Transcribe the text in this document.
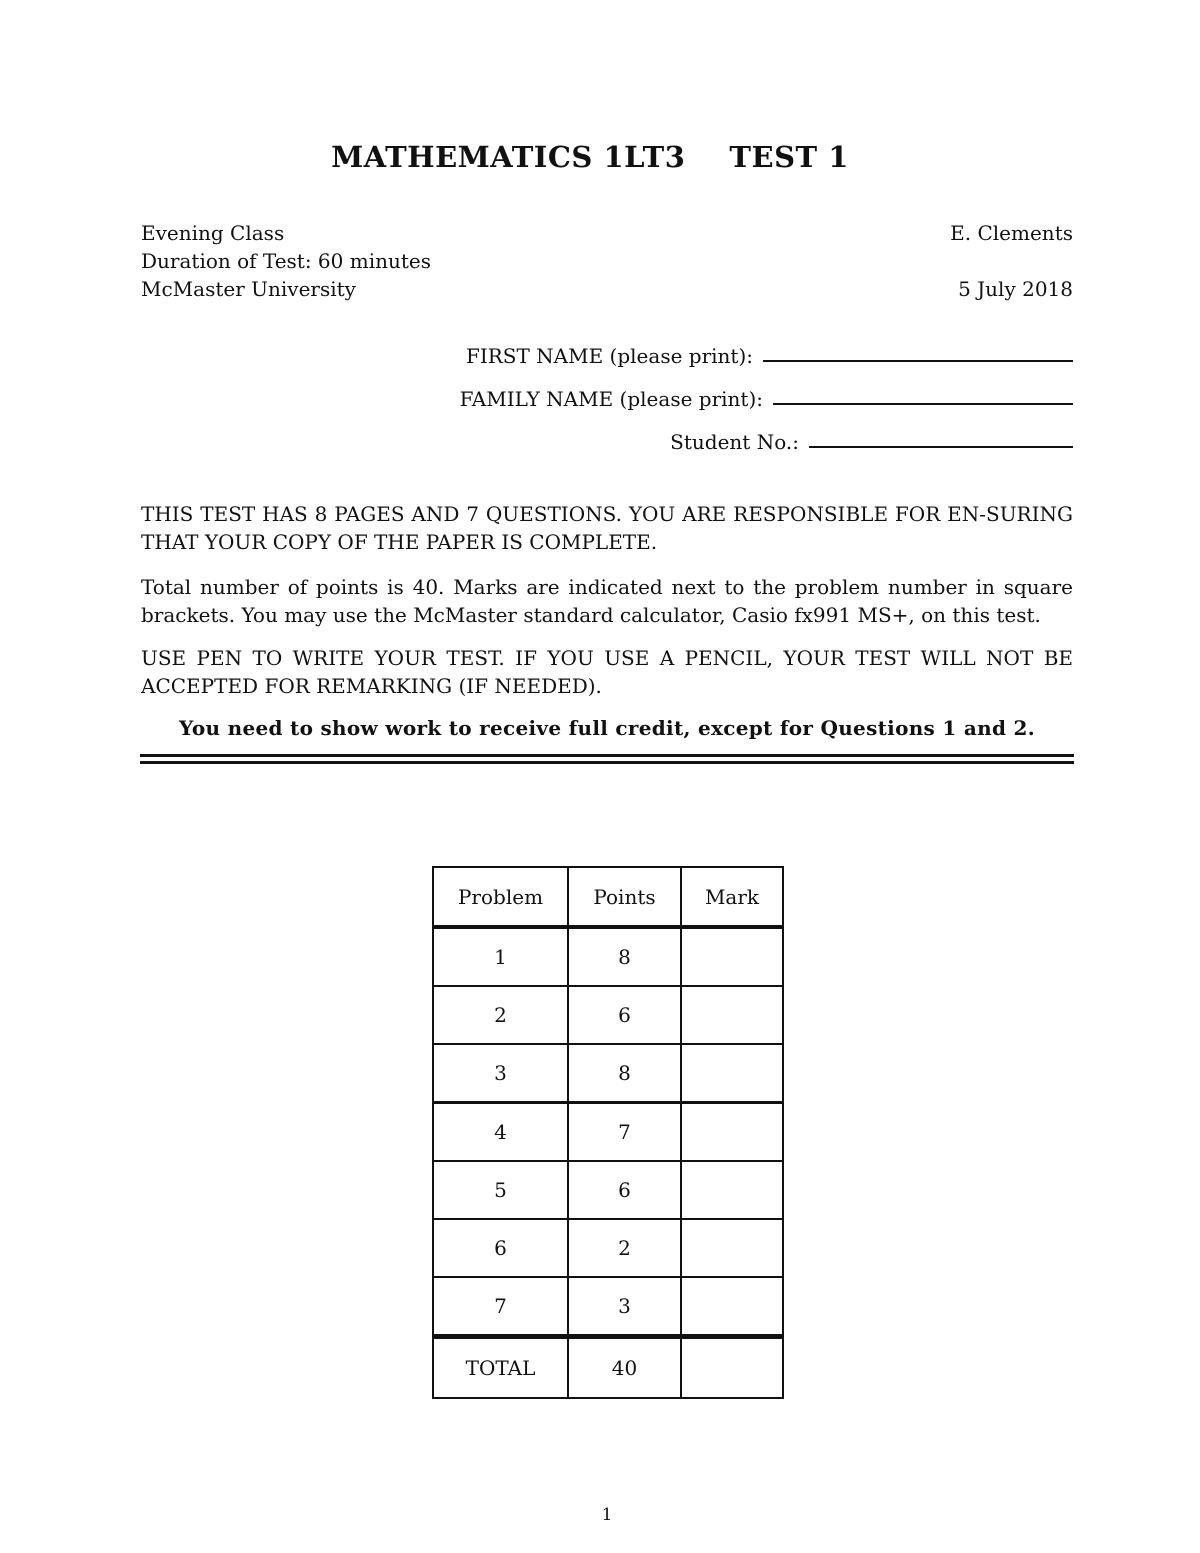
MATHEMATICS 1LT3 TEST 1
Evening Class
Duration of Test: 60 minutes
McMaster University
E. Clements
5 July 2018
FIRST NAME (please print):
FAMILY NAME (please print):
Student No.:
THIS TEST HAS 8 PAGES AND 7 QUESTIONS. YOU ARE RESPONSIBLE FOR EN-SURING THAT YOUR COPY OF THE PAPER IS COMPLETE.
Total number of points is 40. Marks are indicated next to the problem number in square brackets. You may use the McMaster standard calculator, Casio fx991 MS+, on this test.
USE PEN TO WRITE YOUR TEST. IF YOU USE A PENCIL, YOUR TEST WILL NOT BE ACCEPTED FOR REMARKING (IF NEEDED).
You need to show work to receive full credit, except for Questions 1 and 2.
Problem	Points	Mark
1	8	
2	6	
3	8	
4	7	
5	6	
6	2	
7	3	
TOTAL	40	
1
